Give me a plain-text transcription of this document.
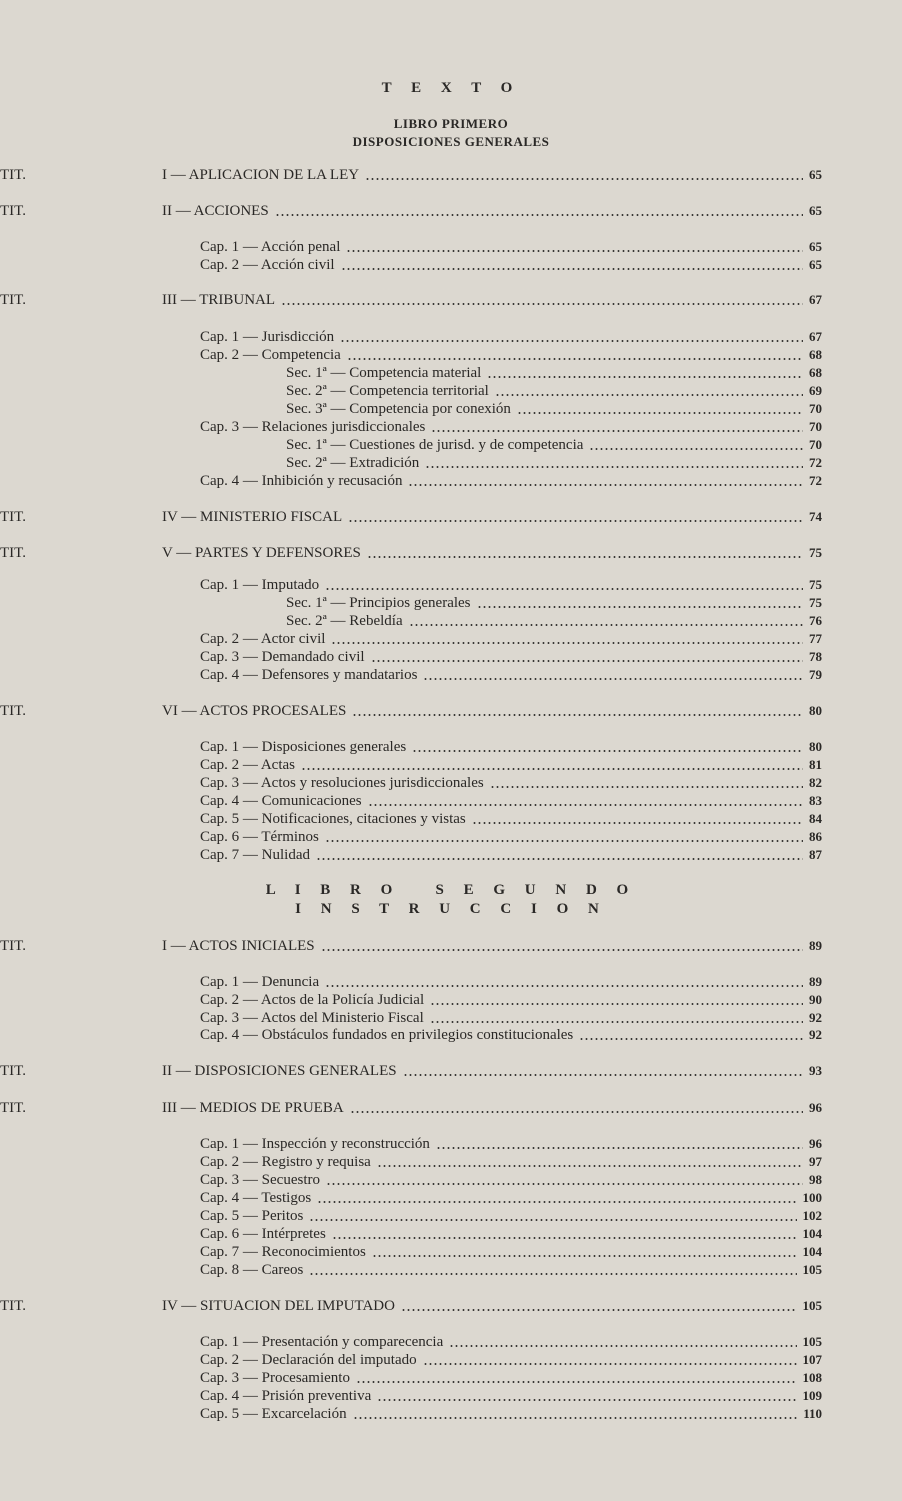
T E X T O
LIBRO PRIMERO
DISPOSICIONES GENERALES
L I B R O   S E G U N D O
I N S T R U C C I O N
TIT.	I — APLICACION DE LA LEY	65
TIT.	II — ACCIONES	65
Cap. 1 — Acción penal	65
Cap. 2 — Acción civil	65
TIT.	III — TRIBUNAL	67
Cap. 1 — Jurisdicción	67
Cap. 2 — Competencia	68
Sec. 1ª — Competencia material	68
Sec. 2ª — Competencia territorial	69
Sec. 3ª — Competencia por conexión	70
Cap. 3 — Relaciones jurisdiccionales	70
Sec. 1ª — Cuestiones de jurisd. y de competencia	70
Sec. 2ª — Extradición	72
Cap. 4 — Inhibición y recusación	72
TIT.	IV — MINISTERIO FISCAL	74
TIT.	V — PARTES Y DEFENSORES	75
Cap. 1 — Imputado	75
Sec. 1ª — Principios generales	75
Sec. 2ª — Rebeldía	76
Cap. 2 — Actor civil	77
Cap. 3 — Demandado civil	78
Cap. 4 — Defensores y mandatarios	79
TIT.	VI — ACTOS PROCESALES	80
Cap. 1 — Disposiciones generales	80
Cap. 2 — Actas	81
Cap. 3 — Actos y resoluciones jurisdiccionales	82
Cap. 4 — Comunicaciones	83
Cap. 5 — Notificaciones, citaciones y vistas	84
Cap. 6 — Términos	86
Cap. 7 — Nulidad	87
TIT.	I — ACTOS INICIALES	89
Cap. 1 — Denuncia	89
Cap. 2 — Actos de la Policía Judicial	90
Cap. 3 — Actos del Ministerio Fiscal	92
Cap. 4 — Obstáculos fundados en privilegios constitucionales	92
TIT.	II — DISPOSICIONES GENERALES	93
TIT.	III — MEDIOS DE PRUEBA	96
Cap. 1 — Inspección y reconstrucción	96
Cap. 2 — Registro y requisa	97
Cap. 3 — Secuestro	98
Cap. 4 — Testigos	100
Cap. 5 — Peritos	102
Cap. 6 — Intérpretes	104
Cap. 7 — Reconocimientos	104
Cap. 8 — Careos	105
TIT.	IV — SITUACION DEL IMPUTADO	105
Cap. 1 — Presentación y comparecencia	105
Cap. 2 — Declaración del imputado	107
Cap. 3 — Procesamiento	108
Cap. 4 — Prisión preventiva	109
Cap. 5 — Excarcelación	110
